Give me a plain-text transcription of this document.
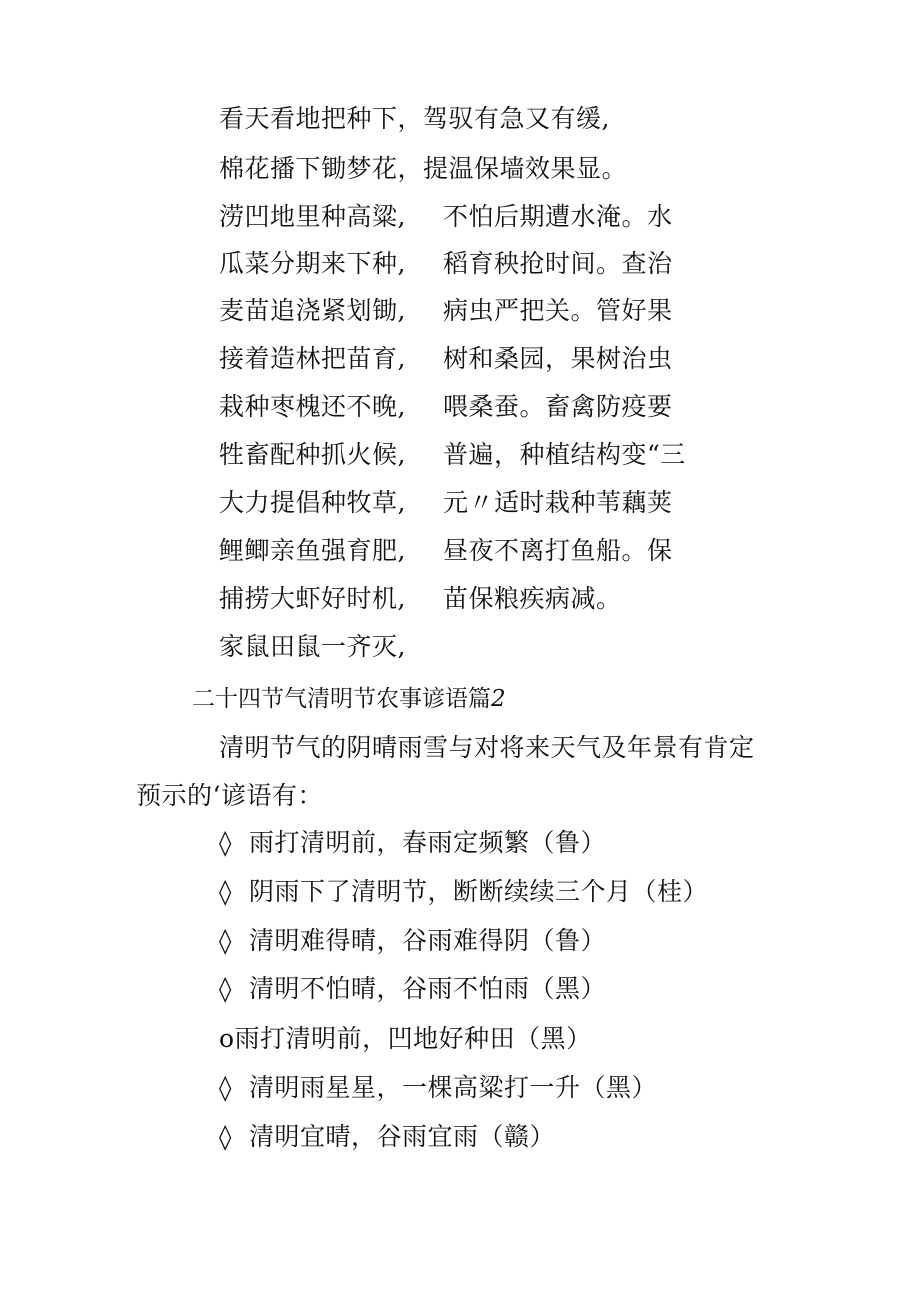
看天看地把种下，驾驭有急又有缓,
棉花播下锄梦花，提温保墙效果显。
涝凹地里种高粱,
瓜菜分期来下种,
麦苗追浇紧划锄,
接着造林把苗育,
栽种枣槐还不晚,
牲畜配种抓火候,
大力提倡种牧草,
鲤鲫亲鱼强育肥,
捕捞大虾好时机,
家鼠田鼠一齐灭,
不怕后期遭水淹。水
稻育秧抢时间。查治
病虫严把关。管好果
树和桑园，果树治虫
喂桑蚕。畜禽防疫要
普遍，种植结构变“三
元〃适时栽种苇藕荚
昼夜不离打鱼船。保
苗保粮疾病减。
二十四节气清明节农事谚语篇2
清明节气的阴晴雨雪与对将来天气及年景有肯定预示的‘谚语有：
◊ 雨打清明前，春雨定频繁（鲁）
◊ 阴雨下了清明节，断断续续三个月（桂）
◊ 清明难得晴，谷雨难得阴（鲁）
◊ 清明不怕晴，谷雨不怕雨（黑）
o雨打清明前，凹地好种田（黑）
◊ 清明雨星星，一棵高粱打一升（黑）
◊ 清明宜晴，谷雨宜雨（赣）
